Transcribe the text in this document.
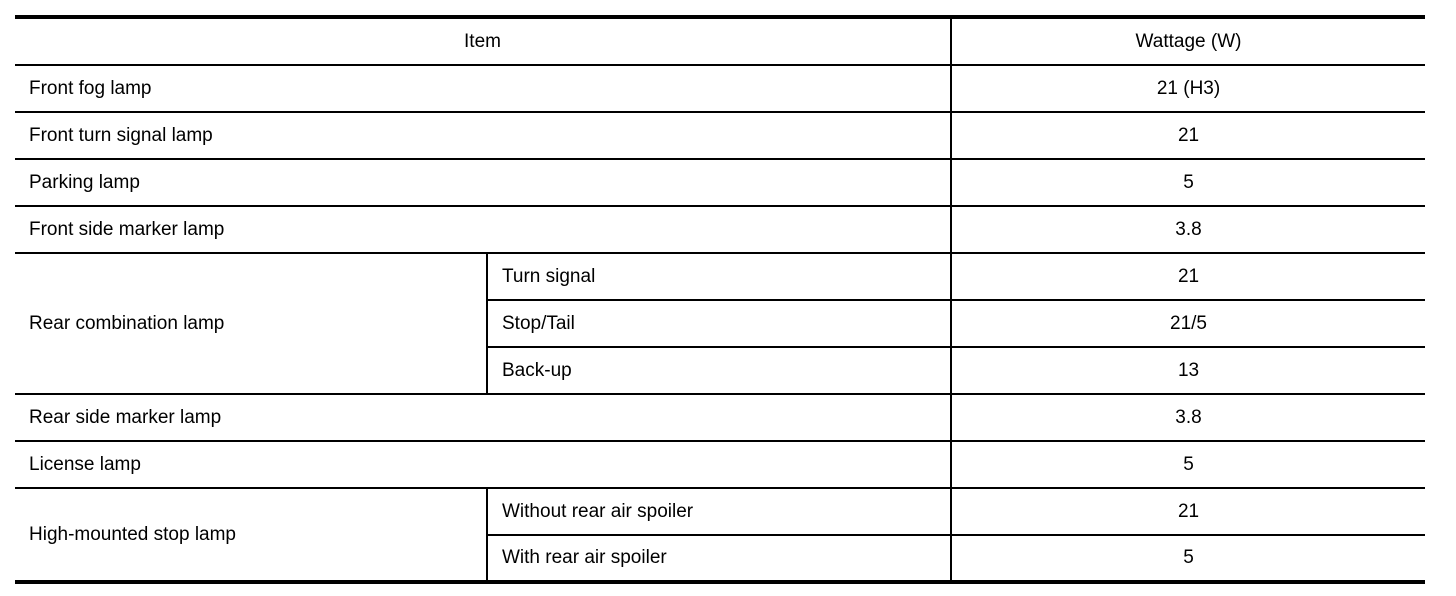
Item		Wattage (W)
Front fog lamp		21 (H3)
Front turn signal lamp		21
Parking lamp		5
Front side marker lamp		3.8
Rear combination lamp	Turn signal	21
	Stop/Tail	21/5
	Back-up	13
Rear side marker lamp		3.8
License lamp		5
High-mounted stop lamp	Without rear air spoiler	21
	With rear air spoiler	5
